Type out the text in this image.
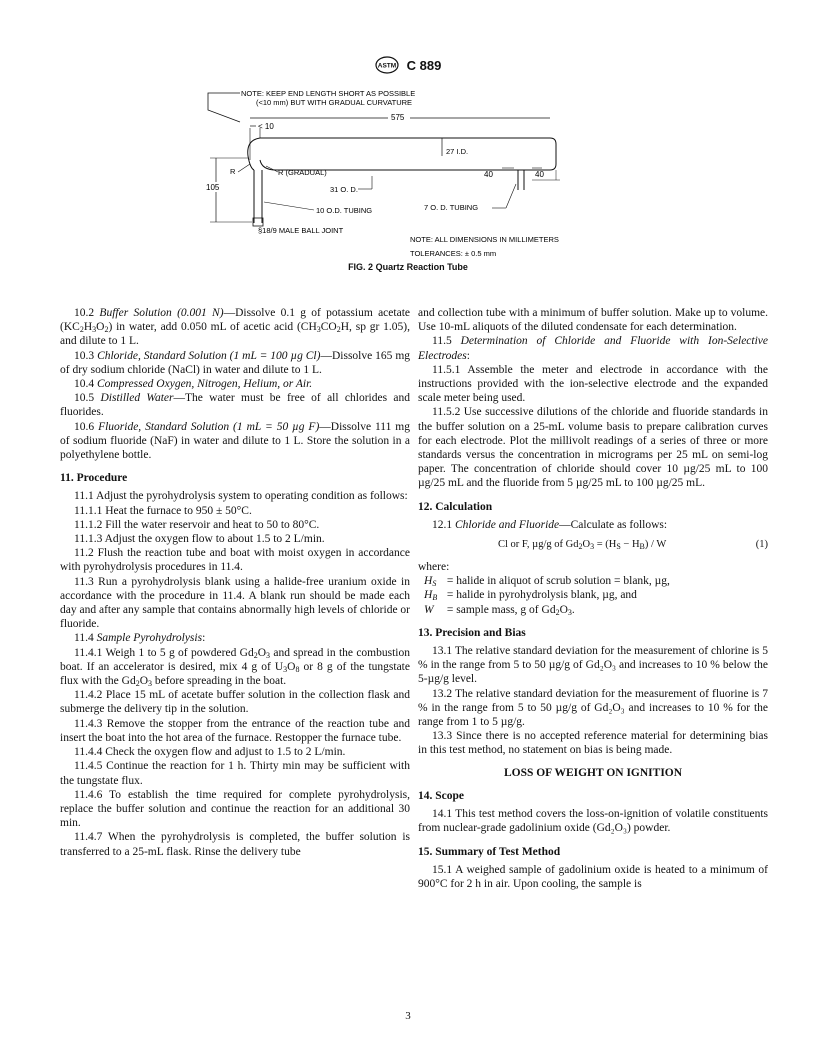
ASTM C 889
NOTE: KEEP END LENGTH SHORT AS POSSIBLE
(<10 mm) BUT WITH GRADUAL CURVATURE
575
< 10
27 I.D.
R	R (GRADUAL)
105	31 O. D.
10 O.D. TUBING
§18/9 MALE BALL JOINT
40	40
7 O. D. TUBING
NOTE: ALL DIMENSIONS IN MILLIMETERS
TOLERANCES: ± 0.5 mm
FIG. 2 Quartz Reaction Tube

10.2 Buffer Solution (0.001 N)—Dissolve 0.1 g of potassium acetate $(KC_2H_3O_2)$ in water, add 0.050 mL of acetic acid ($CH_3CO_2H$, sp gr 1.05), and dilute to 1 L.

10.3 Chloride, Standard Solution (1 mL = 100 µg Cl)—Dissolve 165 mg of dry sodium chloride (NaCl) in water and dilute to 1 L.

10.4 Compressed Oxygen, Nitrogen, Helium, or Air.

10.5 Distilled Water—The water must be free of all chlorides and fluorides.

10.6 Fluoride, Standard Solution (1 mL = 50 µg F)—Dissolve 111 mg of sodium fluoride (NaF) in water and dilute to 1 L. Store the solution in a polyethylene bottle.

11. Procedure

11.1 Adjust the pyrohydrolysis system to operating condition as follows:

11.1.1 Heat the furnace to 950 ± 50°C.

11.1.2 Fill the water reservoir and heat to 50 to 80°C.

11.1.3 Adjust the oxygen flow to about 1.5 to 2 L/min.

11.2 Flush the reaction tube and boat with moist oxygen in accordance with pyrohydrolysis procedures in 11.4.

11.3 Run a pyrohydrolysis blank using a halide-free uranium oxide in accordance with the procedure in 11.4. A blank run should be made each day and after any sample that contains abnormally high levels of chloride or fluoride.

11.4 Sample Pyrohydrolysis:

11.4.1 Weigh 1 to 5 g of powdered $Gd_2O_3$ and spread in the combustion boat. If an accelerator is desired, mix 4 g of $U_3O_8$ or 8 g of the tungstate flux with the $Gd_2O_3$ before spreading in the boat.

11.4.2 Place 15 mL of acetate buffer solution in the collection flask and submerge the delivery tip in the solution.

11.4.3 Remove the stopper from the entrance of the reaction tube and insert the boat into the hot area of the furnace. Restopper the furnace tube.

11.4.4 Check the oxygen flow and adjust to 1.5 to 2 L/min.

11.4.5 Continue the reaction for 1 h. Thirty min may be sufficient with the tungstate flux.

11.4.6 To establish the time required for complete pyrohydrolysis, replace the buffer solution and continue the reaction for an additional 30 min.

11.4.7 When the pyrohydrolysis is completed, the buffer solution is transferred to a 25-mL flask. Rinse the delivery tube

and collection tube with a minimum of buffer solution. Make up to volume. Use 10-mL aliquots of the diluted condensate for each determination.

11.5 Determination of Chloride and Fluoride with Ion-Selective Electrodes:

11.5.1 Assemble the meter and electrode in accordance with the instructions provided with the ion-selective electrode and the expanded scale meter being used.

11.5.2 Use successive dilutions of the chloride and fluoride standards in the buffer solution on a 25-mL volume basis to prepare calibration curves for each electrode. Plot the millivolt readings of a series of three or more standards versus the concentration in micrograms per 25 mL on semi-log paper. The concentration of chloride should cover 10 µg/25 mL to 100 µg/25 mL and the fluoride from 5 µg/25 mL to 100 µg/25 mL.

12. Calculation

12.1 Chloride and Fluoride—Calculate as follows:

Cl or F, µg/g of $Gd_2O_3 = (H_S - H_B) / W$	(1)

where:

$H_S$ = halide in aliquot of scrub solution = blank, µg,
$H_B$ = halide in pyrohydrolysis blank, µg, and
W = sample mass, g of $Gd_2O_3$.
13. Precision and Bias

13.1 The relative standard deviation for the measurement of chlorine is 5 % in the range from 5 to 50 µg/g of Gd₂O₃ and increases to 10 % below the 5-µg/g level.

13.2 The relative standard deviation for the measurement of fluorine is 7 % in the range from 5 to 50 µg/g of Gd₂O₃ and increases to 10 % for the range from 1 to 5 µg/g.

13.3 Since there is no accepted reference material for determining bias in this test method, no statement on bias is being made.

LOSS OF WEIGHT ON IGNITION
14. Scope

14.1 This test method covers the loss-on-ignition of volatile constituents from nuclear-grade gadolinium oxide (Gd₂O₃) powder.

15. Summary of Test Method

15.1 A weighed sample of gadolinium oxide is heated to a minimum of 900°C for 2 h in air. Upon cooling, the sample is

3
